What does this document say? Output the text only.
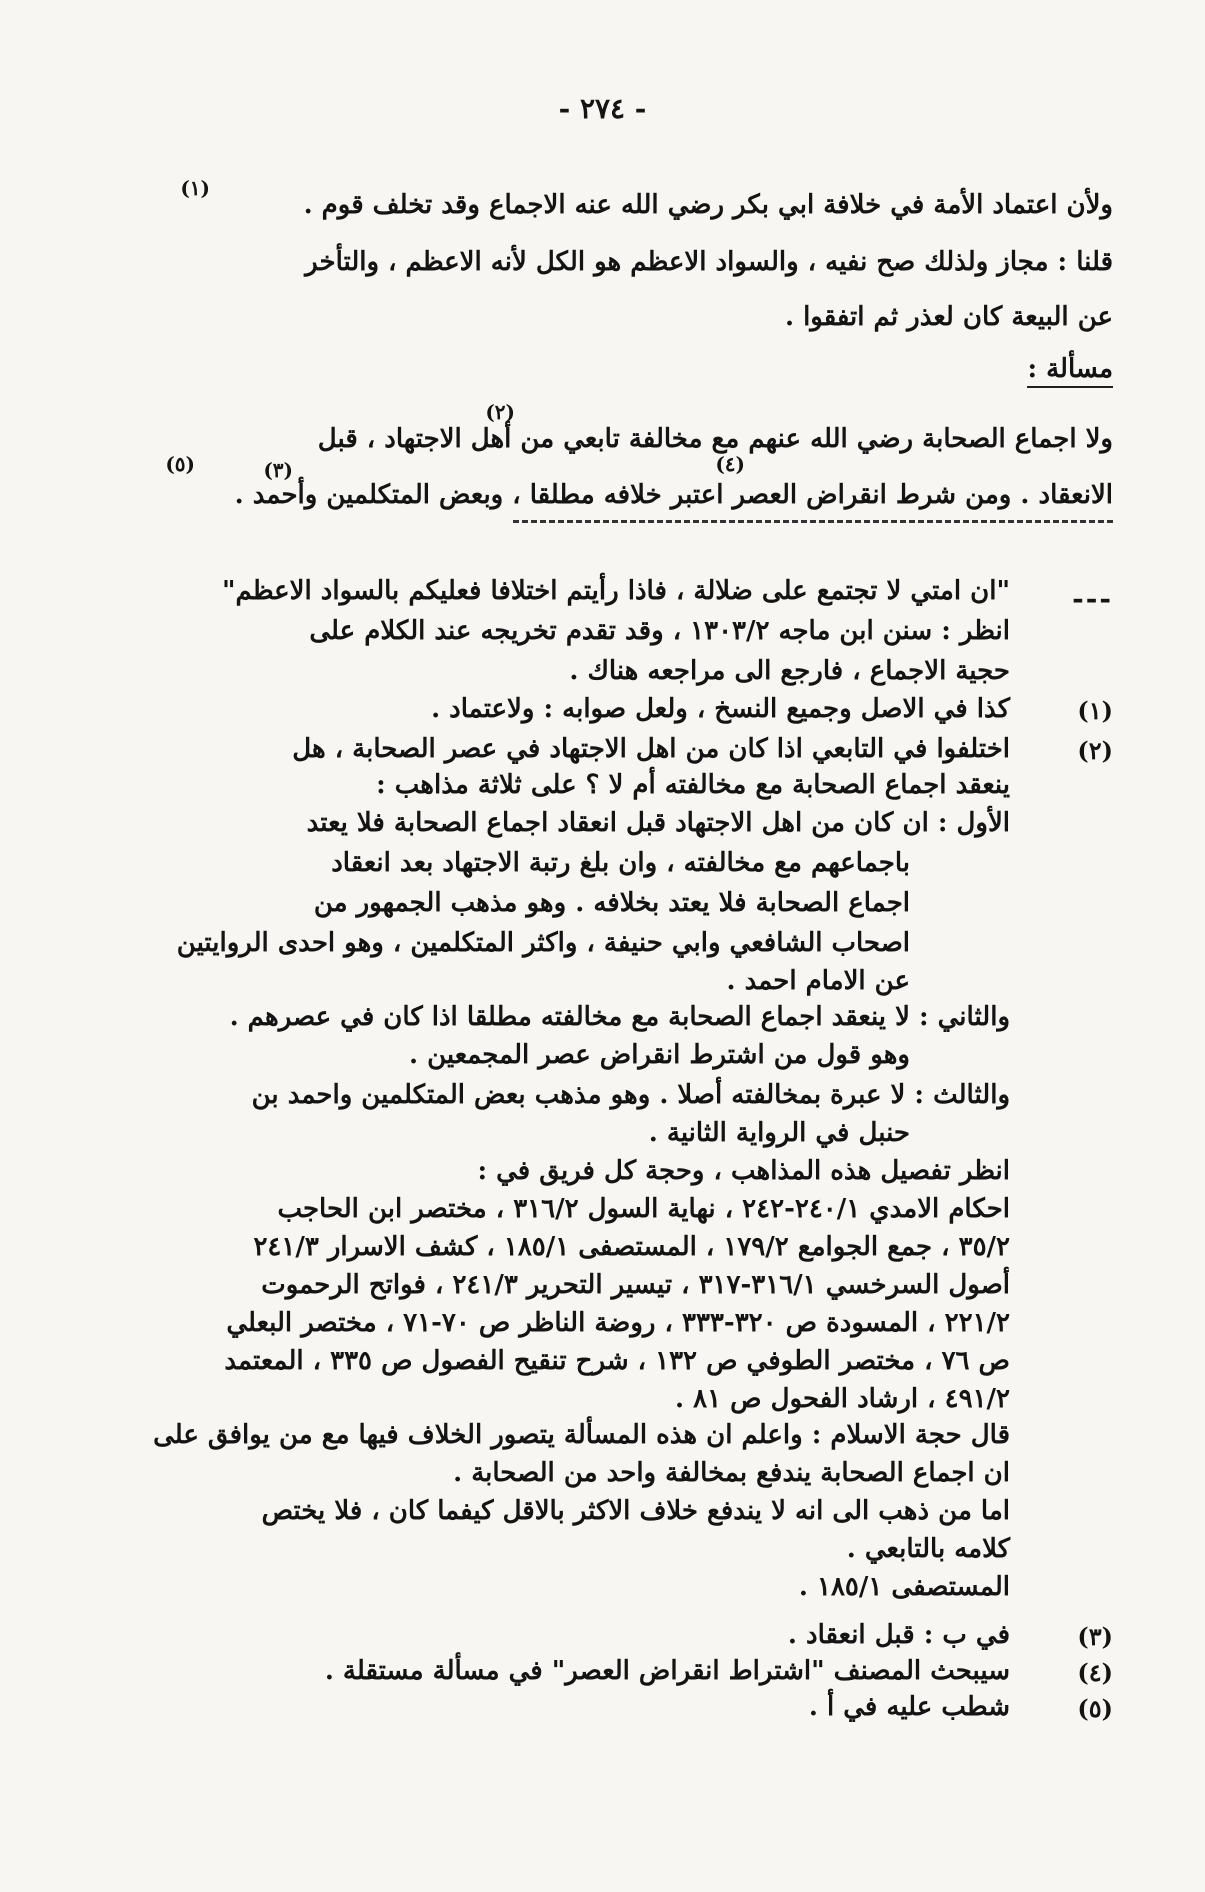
- ٢٧٤ -
ولأن اعتماد الأمة في خلافة ابي بكر رضي الله عنه الاجماع وقد تخلف قوم .
(١)
قلنا : مجاز ولذلك صح نفيه ، والسواد الاعظم هو الكل لأنه الاعظم ، والتأخر
عن البيعة كان لعذر ثم اتفقوا .
مسألة :
(٢)
ولا اجماع الصحابة رضي الله عنهم مع مخالفة تابعي من أهل الاجتهاد ، قبل
(٣)	(٤)
(٥)
الانعقاد . ومن شرط انقراض العصر اعتبر خلافه مطلقا ، وبعض المتكلمين وأحمد .
---
"ان امتي لا تجتمع على ضلالة ، فاذا رأيتم اختلافا فعليكم بالسواد الاعظم"
انظر : سنن ابن ماجه ١٣٠٣/٢ ، وقد تقدم تخريجه عند الكلام على
حجية الاجماع ، فارجع الى مراجعه هناك .
(١)
كذا في الاصل وجميع النسخ ، ولعل صوابه : ولاعتماد .
(٢)
اختلفوا في التابعي اذا كان من اهل الاجتهاد في عصر الصحابة ، هل
ينعقد اجماع الصحابة مع مخالفته أم لا ؟ على ثلاثة مذاهب :
الأول : ان كان من اهل الاجتهاد قبل انعقاد اجماع الصحابة فلا يعتد
باجماعهم مع مخالفته ، وان بلغ رتبة الاجتهاد بعد انعقاد
اجماع الصحابة فلا يعتد بخلافه . وهو مذهب الجمهور من
اصحاب الشافعي وابي حنيفة ، واكثر المتكلمين ، وهو احدى الروايتين
عن الامام احمد .
والثاني : لا ينعقد اجماع الصحابة مع مخالفته مطلقا اذا كان في عصرهم .
وهو قول من اشترط انقراض عصر المجمعين .
والثالث : لا عبرة بمخالفته أصلا . وهو مذهب بعض المتكلمين واحمد بن
حنبل في الرواية الثانية .
انظر تفصيل هذه المذاهب ، وحجة كل فريق في :
احكام الامدي ٢٤٠/١-٢٤٢ ، نهاية السول ٣١٦/٢ ، مختصر ابن الحاجب
٣٥/٢ ، جمع الجوامع ١٧٩/٢ ، المستصفى ١٨٥/١ ، كشف الاسرار ٢٤١/٣
أصول السرخسي ٣١٦/١-٣١٧ ، تيسير التحرير ٢٤١/٣ ، فواتح الرحموت
٢٢١/٢ ، المسودة ص ٣٢٠-٣٣٣ ، روضة الناظر ص ٧٠-٧١ ، مختصر البعلي
ص ٧٦ ، مختصر الطوفي ص ١٣٢ ، شرح تنقيح الفصول ص ٣٣٥ ، المعتمد
٤٩١/٢ ، ارشاد الفحول ص ٨١ .
قال حجة الاسلام : واعلم ان هذه المسألة يتصور الخلاف فيها مع من يوافق على
ان اجماع الصحابة يندفع بمخالفة واحد من الصحابة .
اما من ذهب الى انه لا يندفع خلاف الاكثر بالاقل كيفما كان ، فلا يختص
كلامه بالتابعي .
المستصفى ١٨٥/١ .
(٣)
في ب : قبل انعقاد .
(٤)
سيبحث المصنف "اشتراط انقراض العصر" في مسألة مستقلة .
(٥)
شطب عليه في أ .
